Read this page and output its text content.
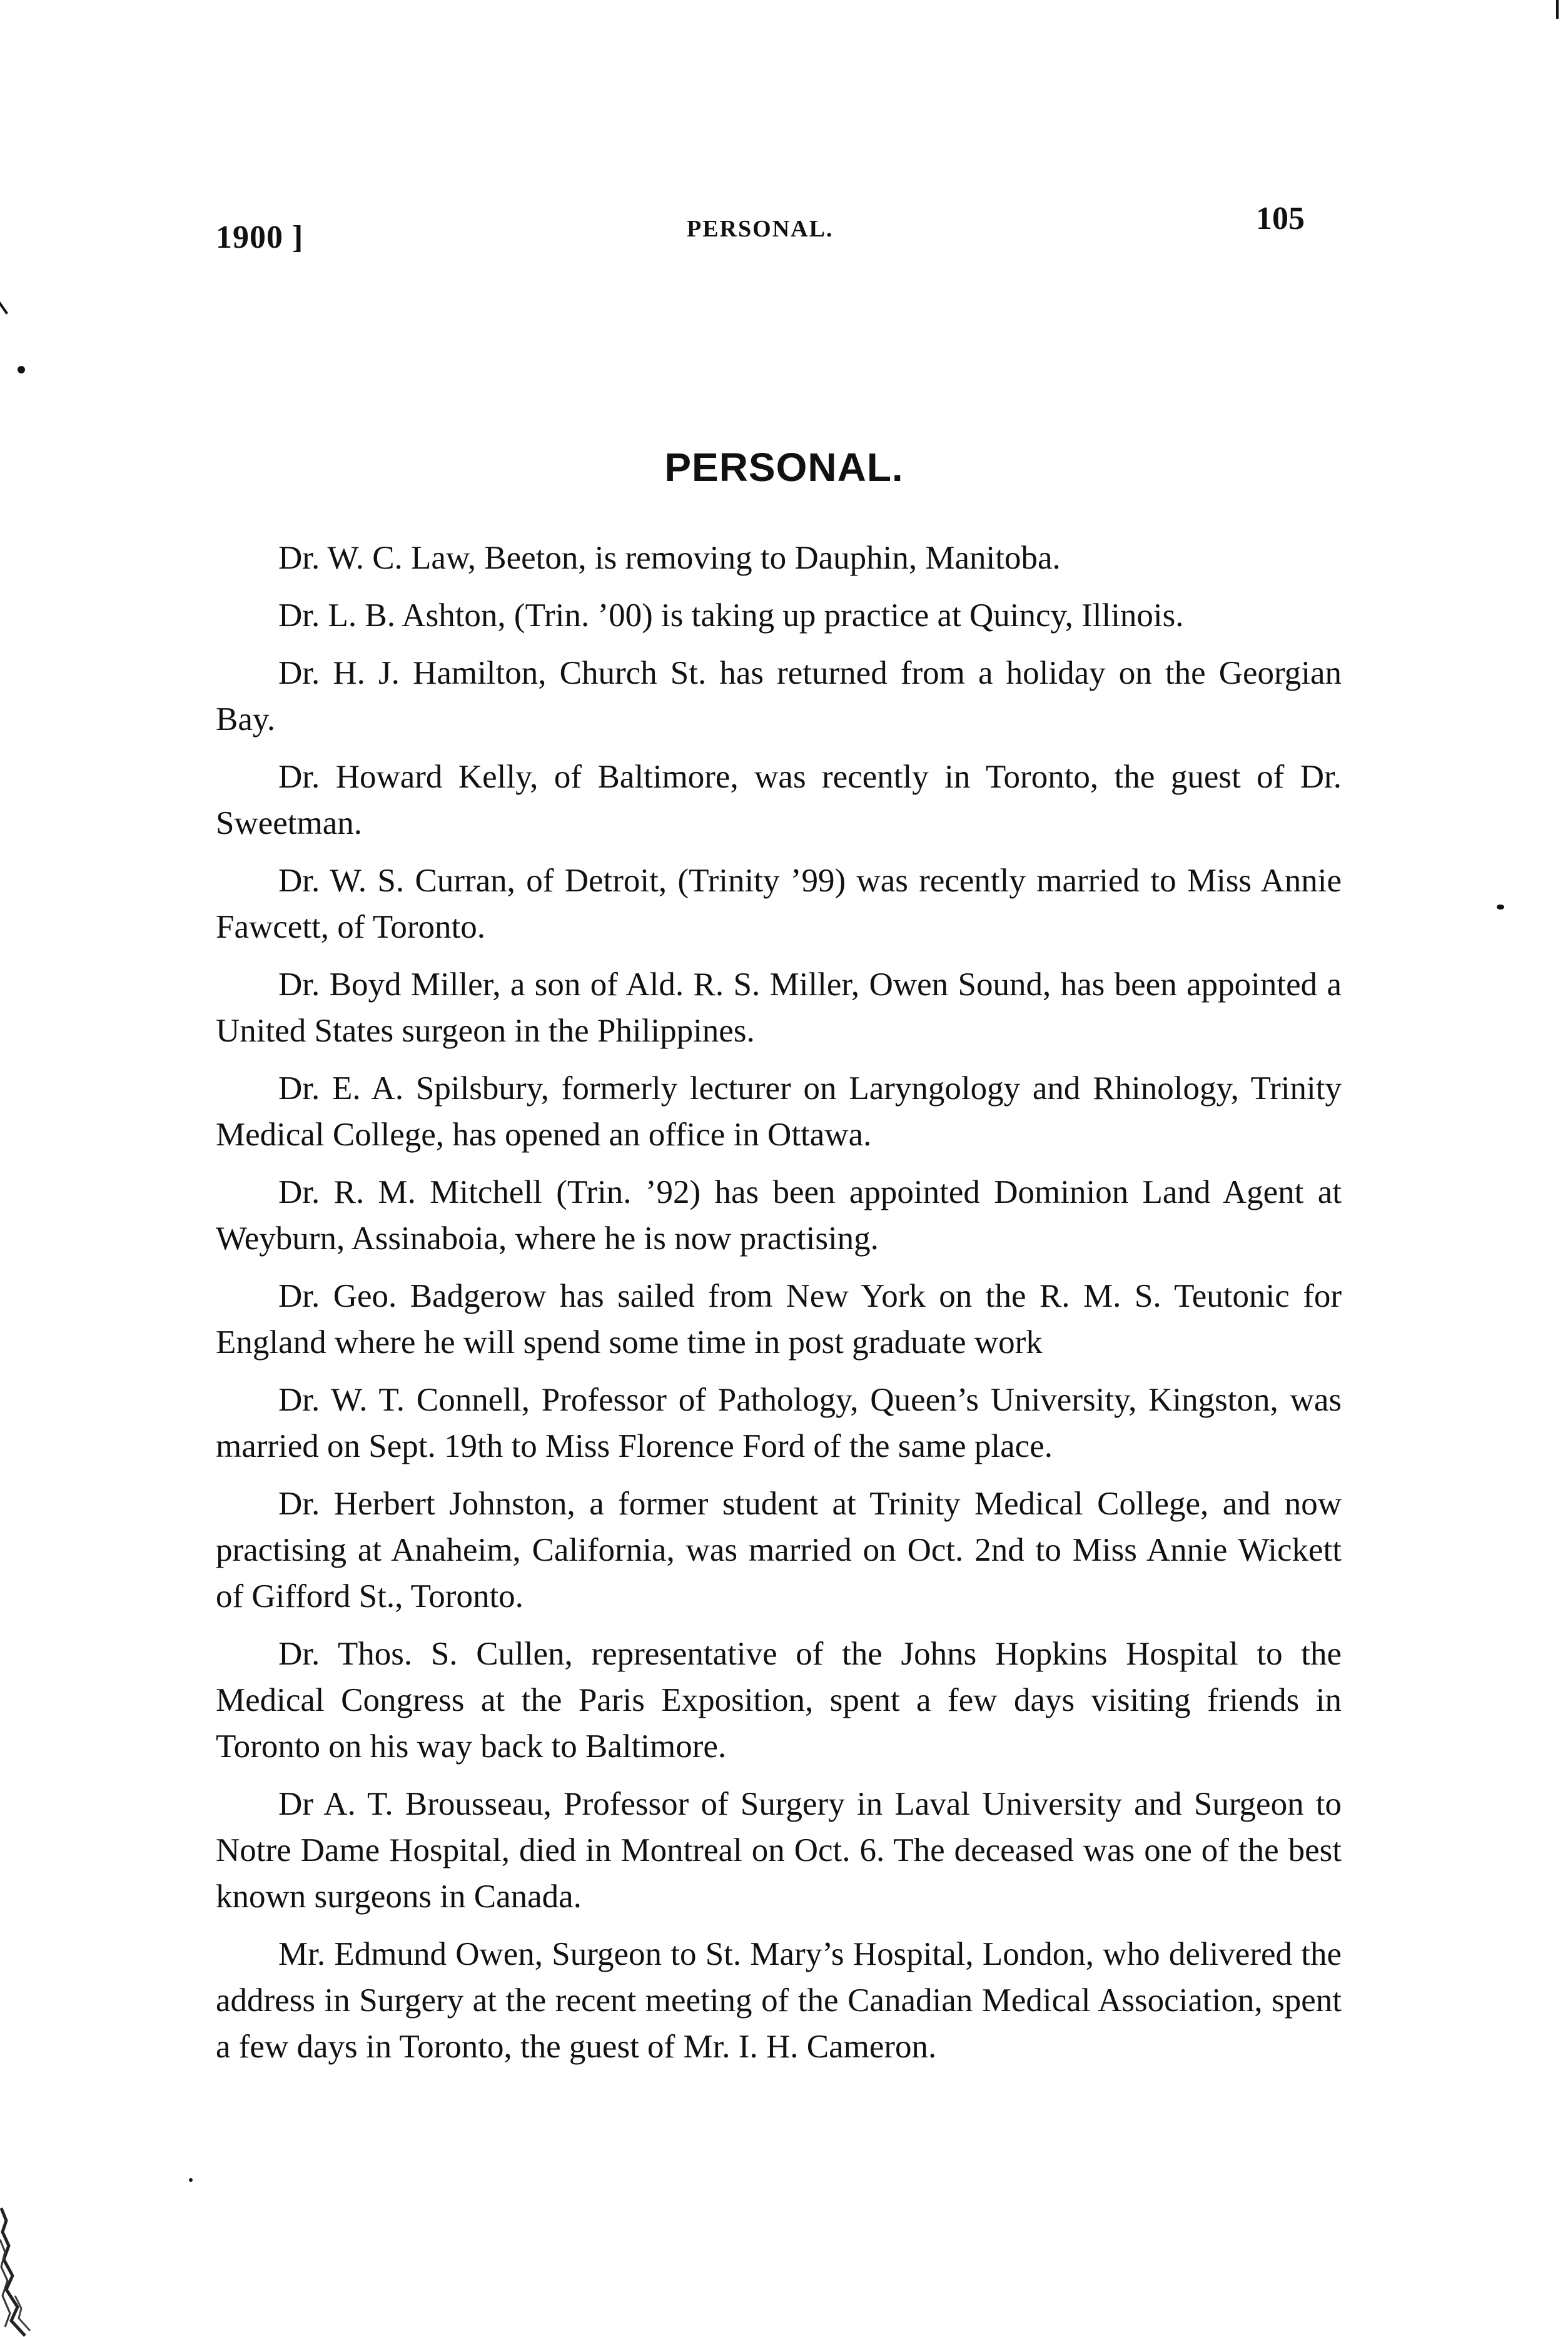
1900 ]	PERSONAL.	105
PERSONAL.

Dr. W. C. Law, Beeton, is removing to Dauphin, Manitoba.

Dr. L. B. Ashton, (Trin. ’00) is taking up practice at Quincy, Illinois.

Dr. H. J. Hamilton, Church St. has returned from a holiday on the Georgian Bay.

Dr. Howard Kelly, of Baltimore, was recently in Toronto, the guest of Dr. Sweetman.

Dr. W. S. Curran, of Detroit, (Trinity ’99) was recently married to Miss Annie Fawcett, of Toronto.

Dr. Boyd Miller, a son of Ald. R. S. Miller, Owen Sound, has been appointed a United States surgeon in the Philippines.

Dr. E. A. Spilsbury, formerly lecturer on Laryngology and Rhinology, Trinity Medical College, has opened an office in Ottawa.

Dr. R. M. Mitchell (Trin. ’92) has been appointed Dominion Land Agent at Weyburn, Assinaboia, where he is now practising.

Dr. Geo. Badgerow has sailed from New York on the R. M. S. Teutonic for England where he will spend some time in post graduate work

Dr. W. T. Connell, Professor of Pathology, Queen’s University, Kingston, was married on Sept. 19th to Miss Florence Ford of the same place.

Dr. Herbert Johnston, a former student at Trinity Medical College, and now practising at Anaheim, California, was married on Oct. 2nd to Miss Annie Wickett of Gifford St., Toronto.

Dr. Thos. S. Cullen, representative of the Johns Hopkins Hospital to the Medical Congress at the Paris Exposition, spent a few days visiting friends in Toronto on his way back to Baltimore.

Dr A. T. Brousseau, Professor of Surgery in Laval University and Surgeon to Notre Dame Hospital, died in Montreal on Oct. 6. The deceased was one of the best known surgeons in Canada.

Mr. Edmund Owen, Surgeon to St. Mary’s Hospital, London, who delivered the address in Surgery at the recent meeting of the Canadian Medical Association, spent a few days in Toronto, the guest of Mr. I. H. Cameron.
